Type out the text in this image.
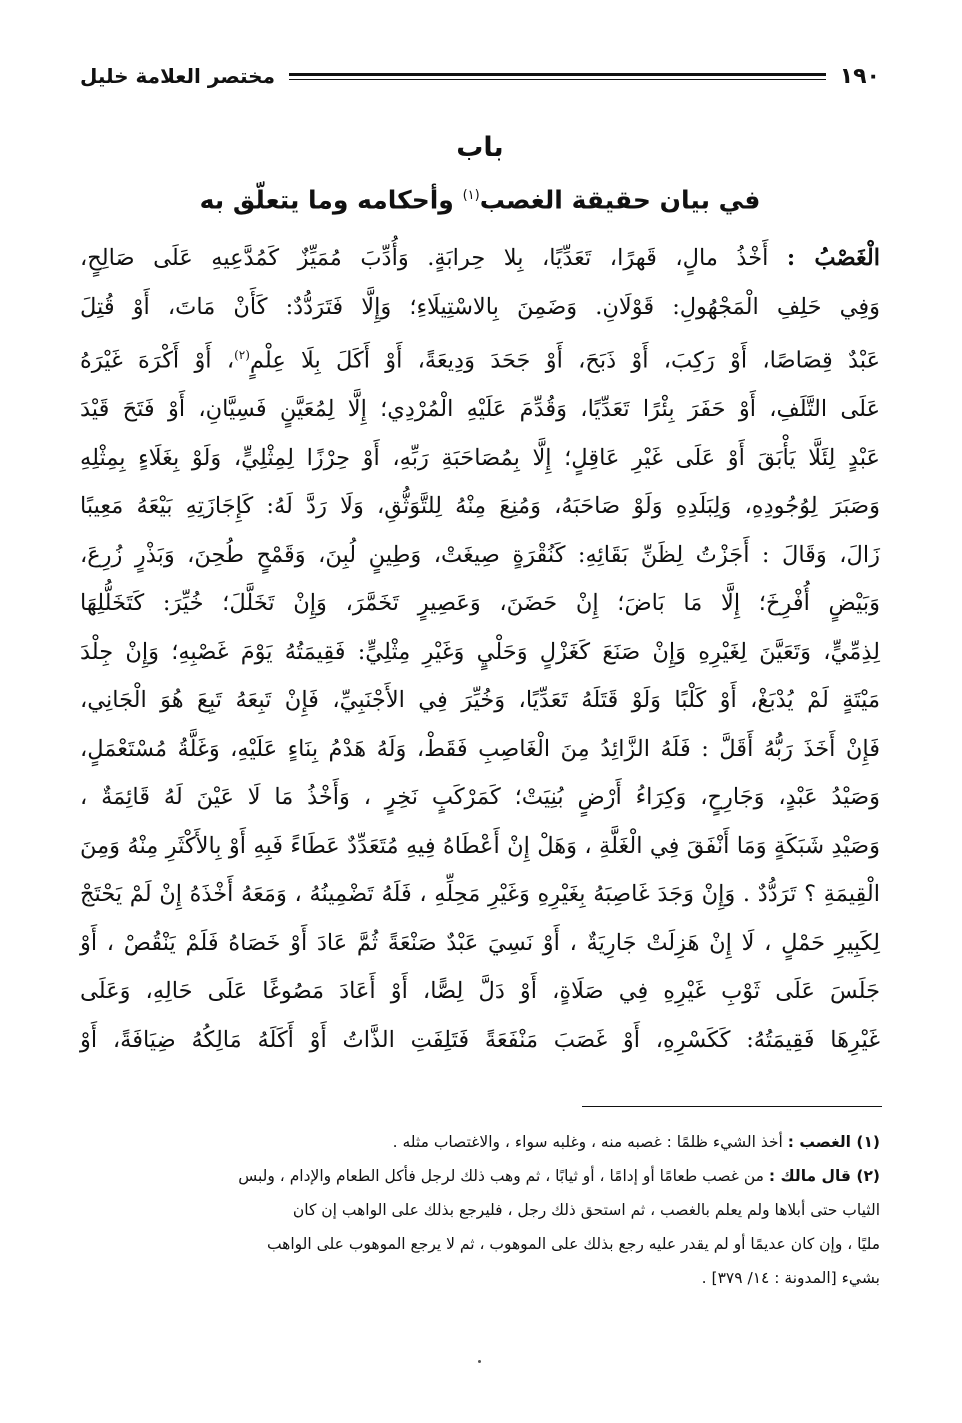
١٩٠
مختصر العلامة خليل
باب
في بيان حقيقة الغصب$^{(١)}$ وأحكامه وما يتعلّق به

الْغَصْبُ : أَخْذُ مالٍ، قَهرًا، تَعَدِّيًا، بِلا حِرابَةٍ. وَأُدِّبَ مُمَيِّزٌ كَمُدَّعِيهِ عَلَى صَالِحٍ،

وَفِي حَلِفِ الْمَجْهُولِ: قَوْلَانِ. وَضَمِنَ بِالاسْتِيلَاءِ؛ وَإِلَّا فَتَرَدُّدٌ: كَأَنْ مَاتَ، أَوْ قُتِلَ

عَبْدٌ قِصَاصًا، أَوْ رَكِبَ، أَوْ ذَبَحَ، أَوْ جَحَدَ وَدِيعَةً، أَوْ أَكَلَ بِلَا عِلْمٍ$^{(٢)}$، أَوْ أَكْرَهَ غَيْرَهُ

عَلَى التَّلَفِ، أَوْ حَفَرَ بِئْرًا تَعَدِّيًا، وَقُدِّمَ عَلَيْهِ الْمُرْدِي؛ إِلَّا لِمُعَيَّنٍ فَسِيَّانِ، أَوْ فَتَحَ قَيْدَ

عَبْدٍ لِئَلَّا يَأْبَقَ أَوْ عَلَى غَيْرِ عَاقِلٍ؛ إِلَّا بِمُصَاحَبَةِ رَبِّهِ، أَوْ حِرْزًا لِمِثْلِيٍّ، وَلَوْ بِغَلَاءٍ بِمِثْلِهِ

وَصَبَرَ لِوُجُودِهِ، وَلِبَلَدِهِ وَلَوْ صَاحَبَهُ، وَمُنِعَ مِنْهُ لِلتَّوَثُّقِ، وَلَا رَدَّ لَهُ: كَإِجَازَتِهِ بَيْعَهُ مَعِيبًا

زَالَ، وَقَالَ : أَجَزْتُ لِظَنِّ بَقَائِهِ: كَنُقْرَةٍ صِيغَتْ، وَطِينٍ لُبِنَ، وَقَمْحٍ طُحِنَ، وَبَذْرٍ زُرِعَ،

وَبَيْضٍ أُفْرِخَ؛ إِلَّا مَا بَاضَ؛ إِنْ حَضَنَ، وَعَصِيرٍ تَخَمَّرَ، وَإِنْ تَخَلَّلَ؛ خُيِّرَ: كَتَخَلُّلِهَا

لِذِمِّيٍّ، وَتَعَيَّنَ لِغَيْرِهِ وَإِنْ صَنَعَ كَغَزْلٍ وَحَلْيٍ وَغَيْرِ مِثْلِيٍّ: فَقِيمَتُهُ يَوْمَ غَصْبِهِ؛ وَإِنْ جِلْدَ

مَيْتَةٍ لَمْ يُدْبَغْ، أَوْ كَلْبًا وَلَوْ قَتَلَهُ تَعَدِّيًا، وَخُيِّرَ فِي الأَجْنَبِيِّ، فَإِنْ تَبِعَهُ تَبِعَ هُوَ الْجَانِي،

فَإِنْ أَخَذَ رَبُّهُ أَقَلَّ : فَلَهُ الزَّائِدُ مِنَ الْغَاصِبِ فَقَطْ، وَلَهُ هَدْمُ بِنَاءٍ عَلَيْهِ، وَغَلَّةُ مُسْتَعْمَلٍ،

وَصَيْدُ عَبْدٍ، وَجَارِحٍ، وَكِرَاءُ أَرْضٍ بُنِيَتْ؛ كَمَرْكَبٍ نَخِرٍ ، وَأَخْذُ مَا لَا عَيْنَ لَهُ قَائِمَةٌ ،

وَصَيْدِ شَبَكَةٍ وَمَا أَنْفَقَ فِي الْغَلَّةِ ، وَهَلْ إِنْ أَعْطَاهُ فِيهِ مُتَعَدِّدٌ عَطَاءً فَبِهِ أَوْ بِالأَكْثَرِ مِنْهُ وَمِنَ

الْقِيمَةِ ؟ تَرَدُّدٌ . وَإِنْ وَجَدَ غَاصِبَهُ بِغَيْرِهِ وَغَيْرِ مَحِلِّهِ ، فَلَهُ تَضْمِينُهُ ، وَمَعَهُ أَخْذَهُ إِنْ لَمْ يَحْتَجْ

لِكَبِيرِ حَمْلٍ ، لَا إِنْ هَزِلَتْ جَارِيَةٌ ، أَوْ نَسِيَ عَبْدٌ صَنْعَةً ثُمَّ عَادَ أَوْ خَصَاهُ فَلَمْ يَنْقُصْ ، أَوْ

جَلَسَ عَلَى ثَوْبِ غَيْرِهِ فِي صَلَاةٍ، أَوْ دَلَّ لِصًّا، أَوْ أَعَادَ مَصُوغًا عَلَى حَالِهِ، وَعَلَى

غَيْرِهَا فَقِيمَتُهُ: كَكَسْرِهِ، أَوْ غَصَبَ مَنْفَعَةً فَتَلِفَتِ الذَّاتُ أَوْ أَكَلَهُ مَالِكُهُ ضِيَافَةً، أَوْ

(١) الغصب : أخذ الشيء ظلمًا : غصبه منه ، وغلبه سواء ، والاغتصاب مثله .

(٢) قال مالك : من غصب طعامًا أو إدامًا ، أو ثيابًا ، ثم وهب ذلك لرجل فأكل الطعام والإدام ، ولبس

الثياب حتى أبلاها ولم يعلم بالغصب ، ثم استحق ذلك رجل ، فليرجع بذلك على الواهب إن كان

مليًا ، وإن كان عديمًا أو لم يقدر عليه رجع بذلك على الموهوب ، ثم لا يرجع الموهوب على الواهب

بشيء [المدونة : ١٤/ ٣٧٩] .
